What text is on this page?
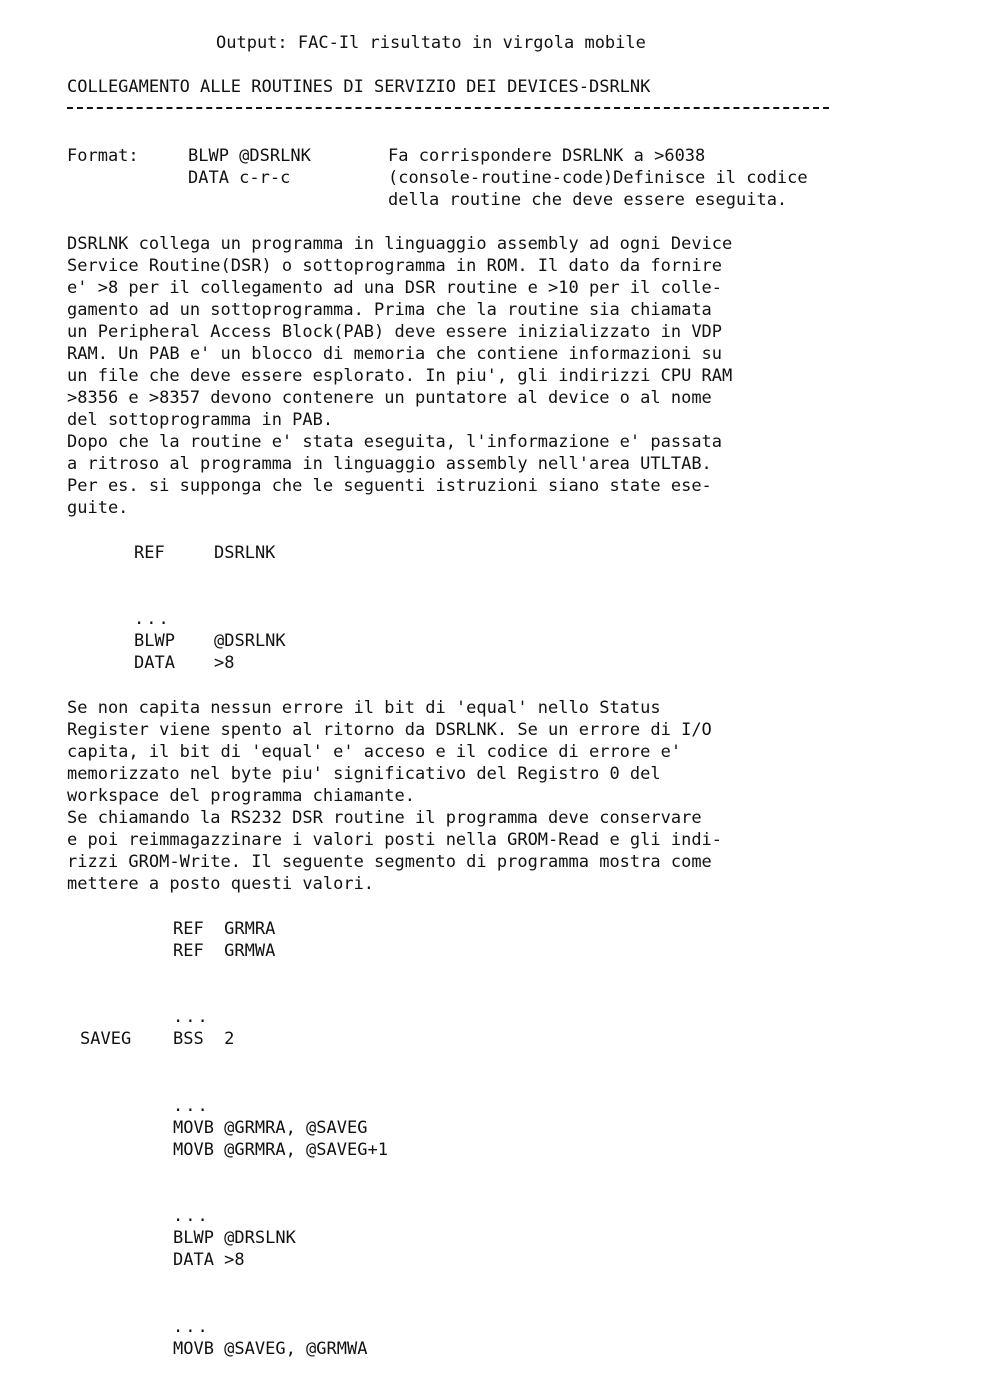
Output: FAC-Il risultato in virgola mobile
COLLEGAMENTO ALLE ROUTINES DI SERVIZIO DEI DEVICES-DSRLNK
Format:	BLWP @DSRLNK	Fa corrispondere DSRLNK a >6038
DATA c-r-c	(console-routine-code)Definisce il codice
della routine che deve essere eseguita.
DSRLNK collega un programma in linguaggio assembly ad ogni Device
Service Routine(DSR) o sottoprogramma in ROM. Il dato da fornire
e' >8 per il collegamento ad una DSR routine e >10 per il colle-
gamento ad un sottoprogramma. Prima che la routine sia chiamata
un Peripheral Access Block(PAB) deve essere inizializzato in VDP
RAM. Un PAB e' un blocco di memoria che contiene informazioni su
un file che deve essere esplorato. In piu', gli indirizzi CPU RAM
>8356 e >8357 devono contenere un puntatore al device o al nome
del sottoprogramma in PAB.
Dopo che la routine e' stata eseguita, l'informazione e' passata
a ritroso al programma in linguaggio assembly nell'area UTLTAB.
Per es. si supponga che le seguenti istruzioni siano state ese-
guite.
REF	DSRLNK
...
BLWP @DSRLNK
DATA >8
Se non capita nessun errore il bit di 'equal' nello Status
Register viene spento al ritorno da DSRLNK. Se un errore di I/O
capita, il bit di 'equal' e' acceso e il codice di errore e'
memorizzato nel byte piu' significativo del Registro 0 del
workspace del programma chiamante.
Se chiamando la RS232 DSR routine il programma deve conservare
e poi reimmagazzinare i valori posti nella GROM-Read e gli indi-
rizzi GROM-Write. Il seguente segmento di programma mostra come
mettere a posto questi valori.
REF  GRMRA
REF  GRMWA
...
SAVEG BSS  2
...
MOVB @GRMRA, @SAVEG
MOVB @GRMRA, @SAVEG+1
...
BLWP @DRSLNK
DATA >8
...
MOVB @SAVEG, @GRMWA
